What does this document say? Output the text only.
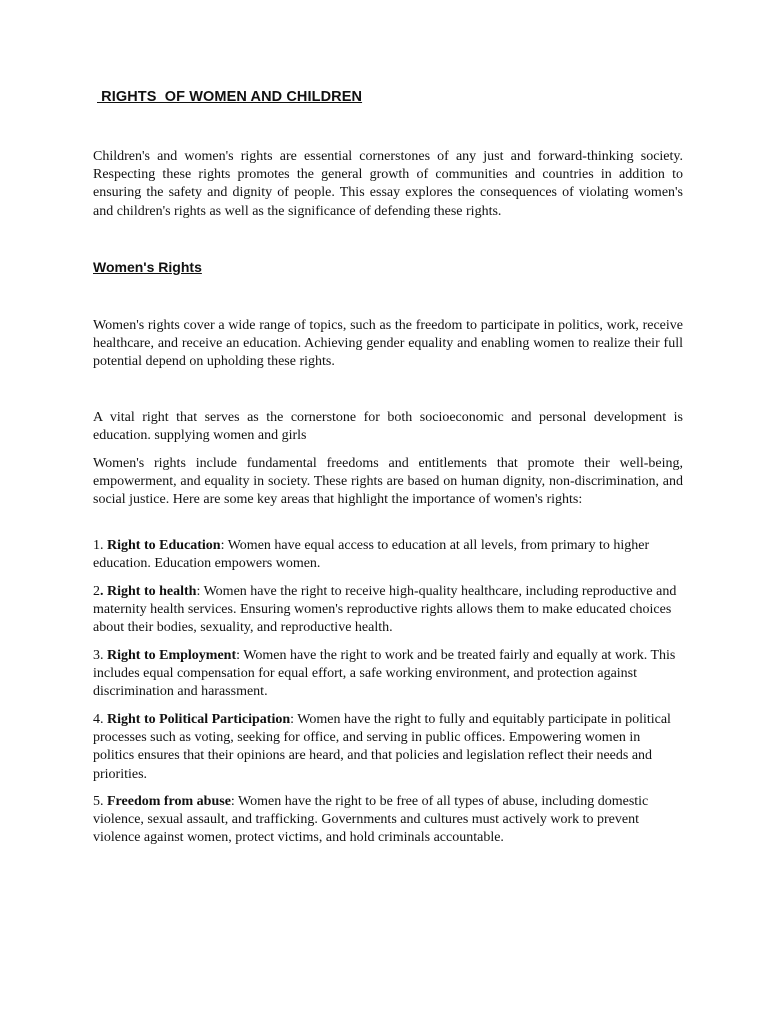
RIGHTS  OF WOMEN AND CHILDREN

Children's and women's rights are essential cornerstones of any just and forward-thinking society. Respecting these rights promotes the general growth of communities and countries in addition to ensuring the safety and dignity of people. This essay explores the consequences of violating women's and children's rights as well as the significance of defending these rights.

Women's Rights

Women's rights cover a wide range of topics, such as the freedom to participate in politics, work, receive healthcare, and receive an education. Achieving gender equality and enabling women to realize their full potential depend on upholding these rights.

A vital right that serves as the cornerstone for both socioeconomic and personal development is education. supplying women and girls

Women's rights include fundamental freedoms and entitlements that promote their well-being, empowerment, and equality in society. These rights are based on human dignity, non-discrimination, and social justice. Here are some key areas that highlight the importance of women's rights:

1. Right to Education: Women have equal access to education at all levels, from primary to higher education. Education empowers women.

2. Right to health: Women have the right to receive high-quality healthcare, including reproductive and maternity health services. Ensuring women's reproductive rights allows them to make educated choices about their bodies, sexuality, and reproductive health.

3. Right to Employment: Women have the right to work and be treated fairly and equally at work. This includes equal compensation for equal effort, a safe working environment, and protection against discrimination and harassment.

4. Right to Political Participation: Women have the right to fully and equitably participate in political processes such as voting, seeking for office, and serving in public offices. Empowering women in politics ensures that their opinions are heard, and that policies and legislation reflect their needs and priorities.

5. Freedom from abuse: Women have the right to be free of all types of abuse, including domestic violence, sexual assault, and trafficking. Governments and cultures must actively work to prevent violence against women, protect victims, and hold criminals accountable.
